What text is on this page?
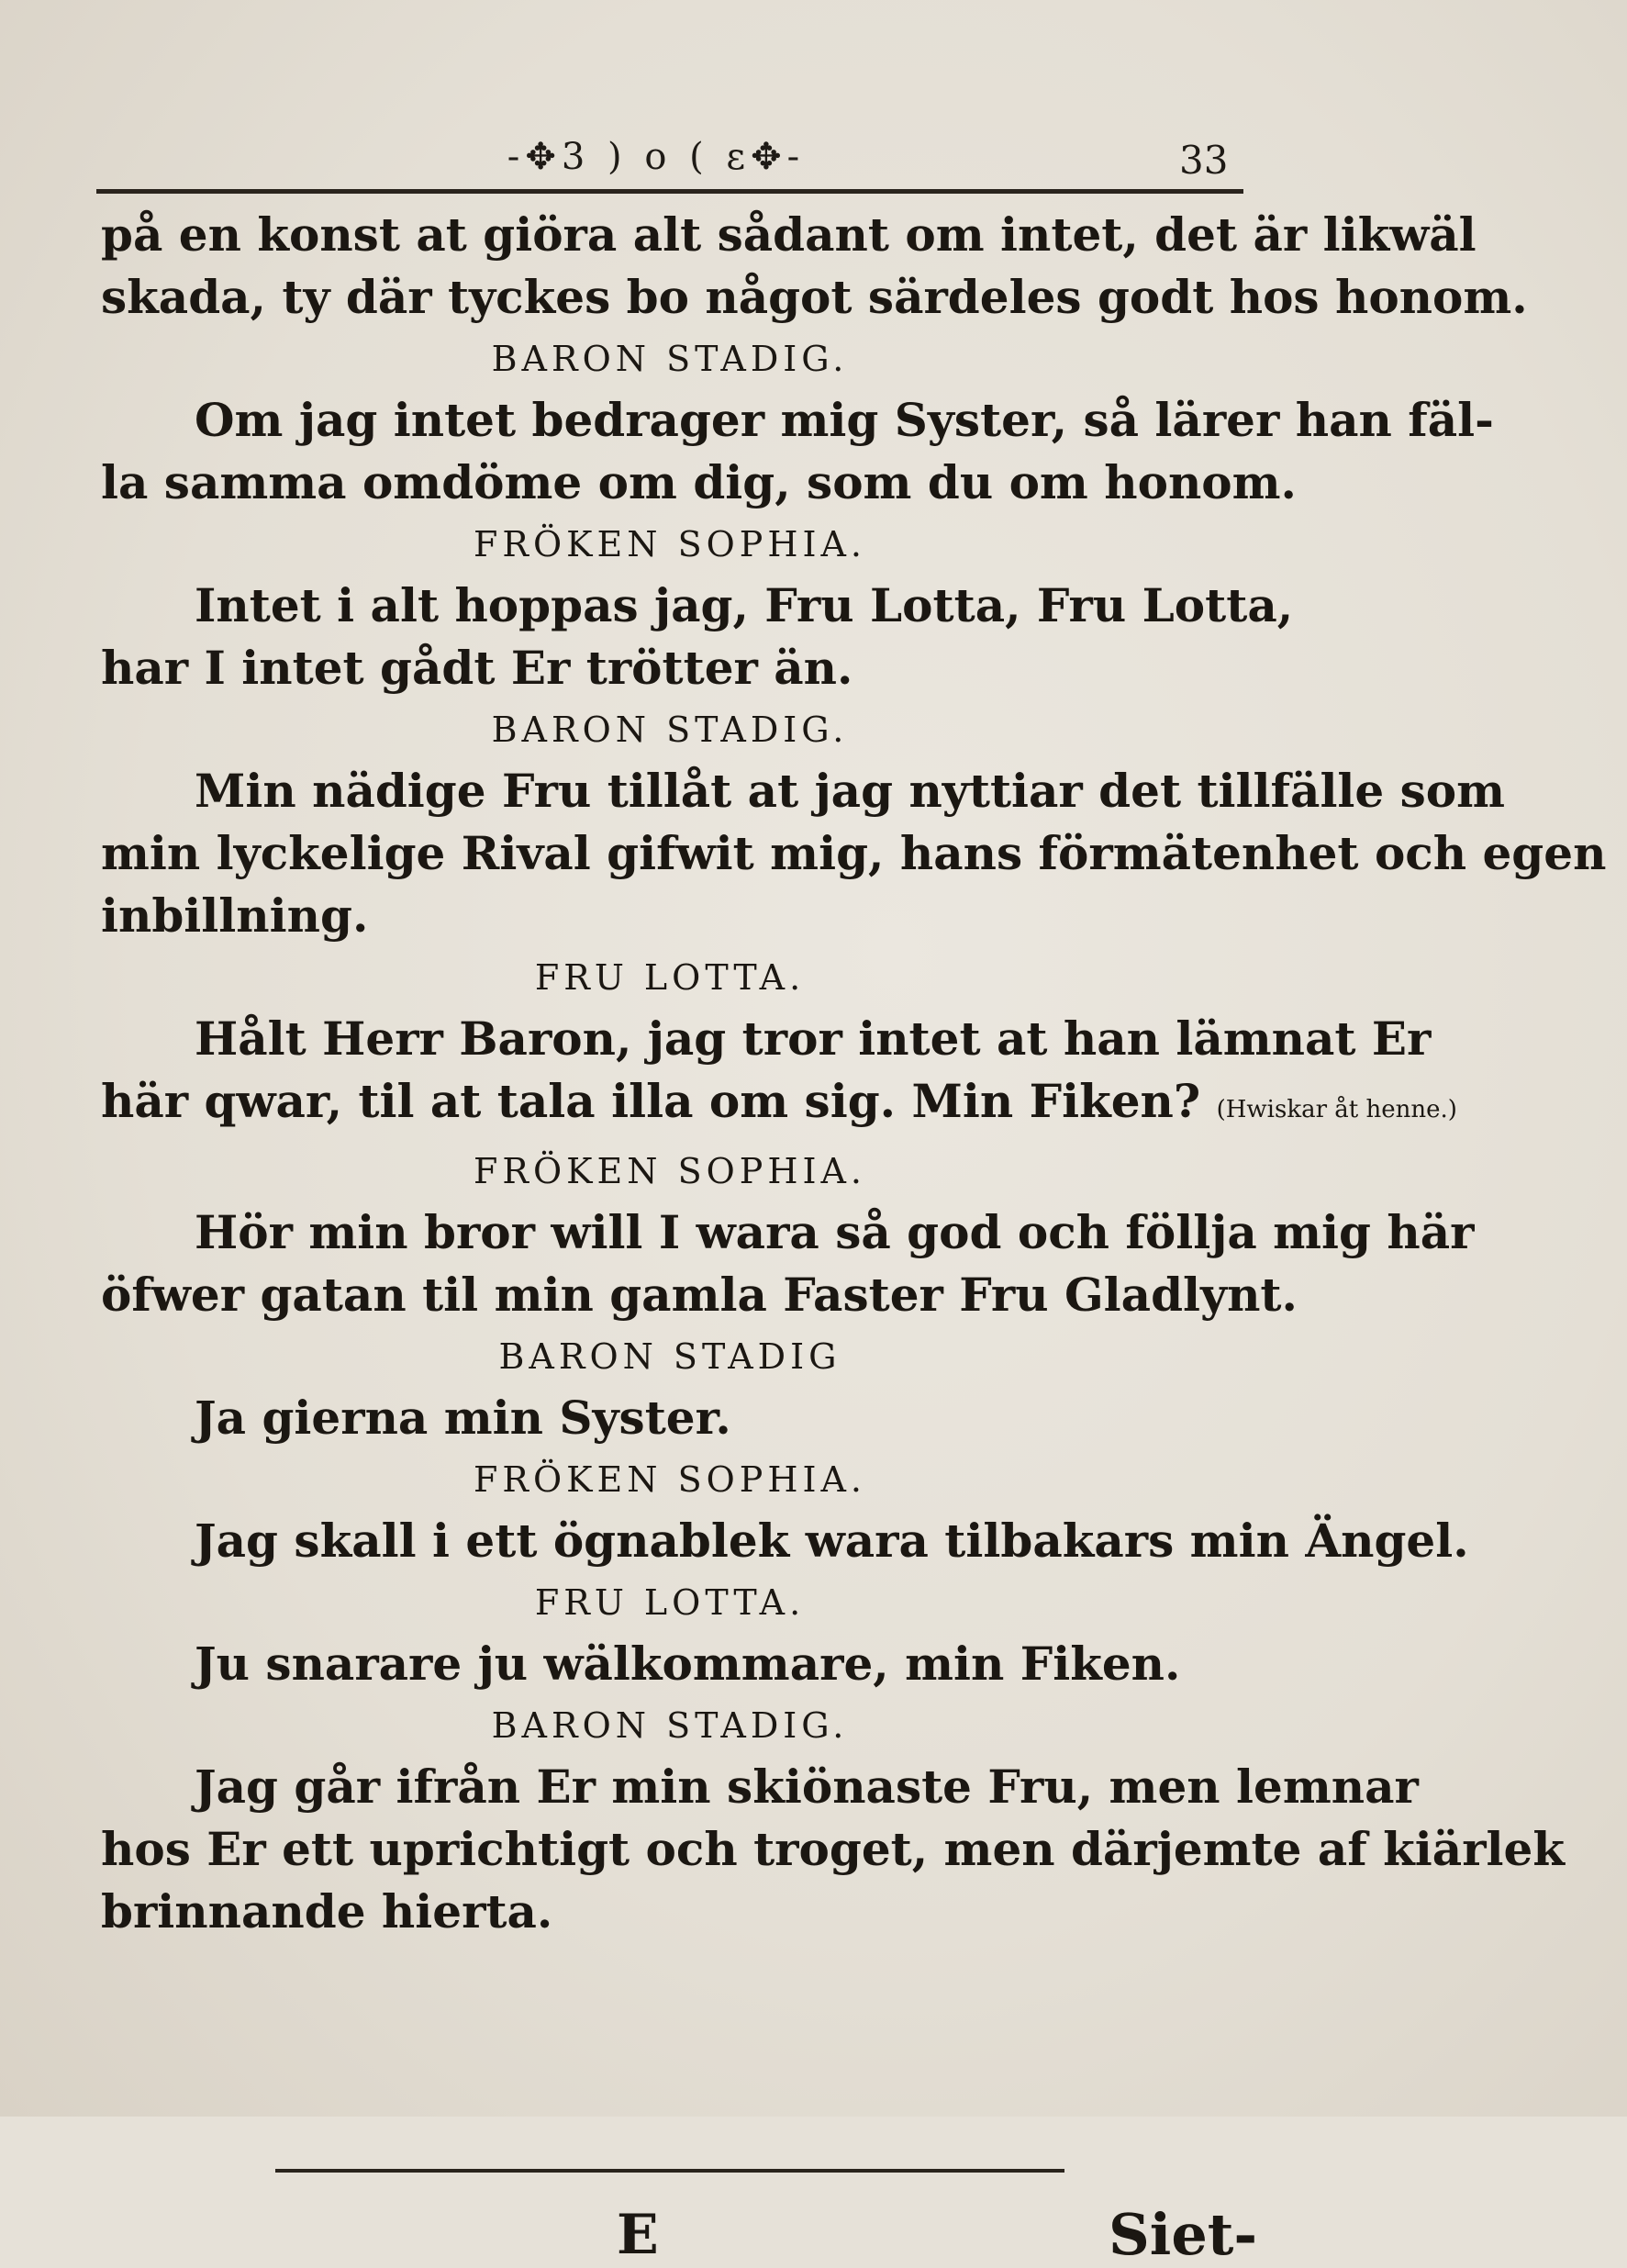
-✥3 ) o ( ε✥-	33
på en konst at giöra alt sådant om intet, det är likwäl
skada, ty där tyckes bo något särdeles godt hos honom.
BARON STADIG.
Om jag intet bedrager mig Syster, så lärer han fäl-
la samma omdöme om dig, som du om honom.
FRÖKEN SOPHIA.
Intet i alt hoppas jag, Fru Lotta, Fru Lotta,
har I intet gådt Er trötter än.
BARON STADIG.
Min nädige Fru tillåt at jag nyttiar det tillfälle som
min lyckelige Rival gifwit mig, hans förmätenhet och egen
inbillning.
FRU LOTTA.
Hålt Herr Baron, jag tror intet at han lämnat Er
här qwar, til at tala illa om sig. Min Fiken? (Hwiskar åt henne.)
FRÖKEN SOPHIA.
Hör min bror will I wara så god och föllja mig här
öfwer gatan til min gamla Faster Fru Gladlynt.
BARON STADIG
Ja gierna min Syster.
FRÖKEN SOPHIA.
Jag skall i ett ögnablek wara tilbakars min Ängel.
FRU LOTTA.
Ju snarare ju wälkommare, min Fiken.
BARON STADIG.
Jag går ifrån Er min skiönaste Fru, men lemnar
hos Er ett uprichtigt och troget, men därjemte af kiärlek
brinnande hierta.
E	Siet-
